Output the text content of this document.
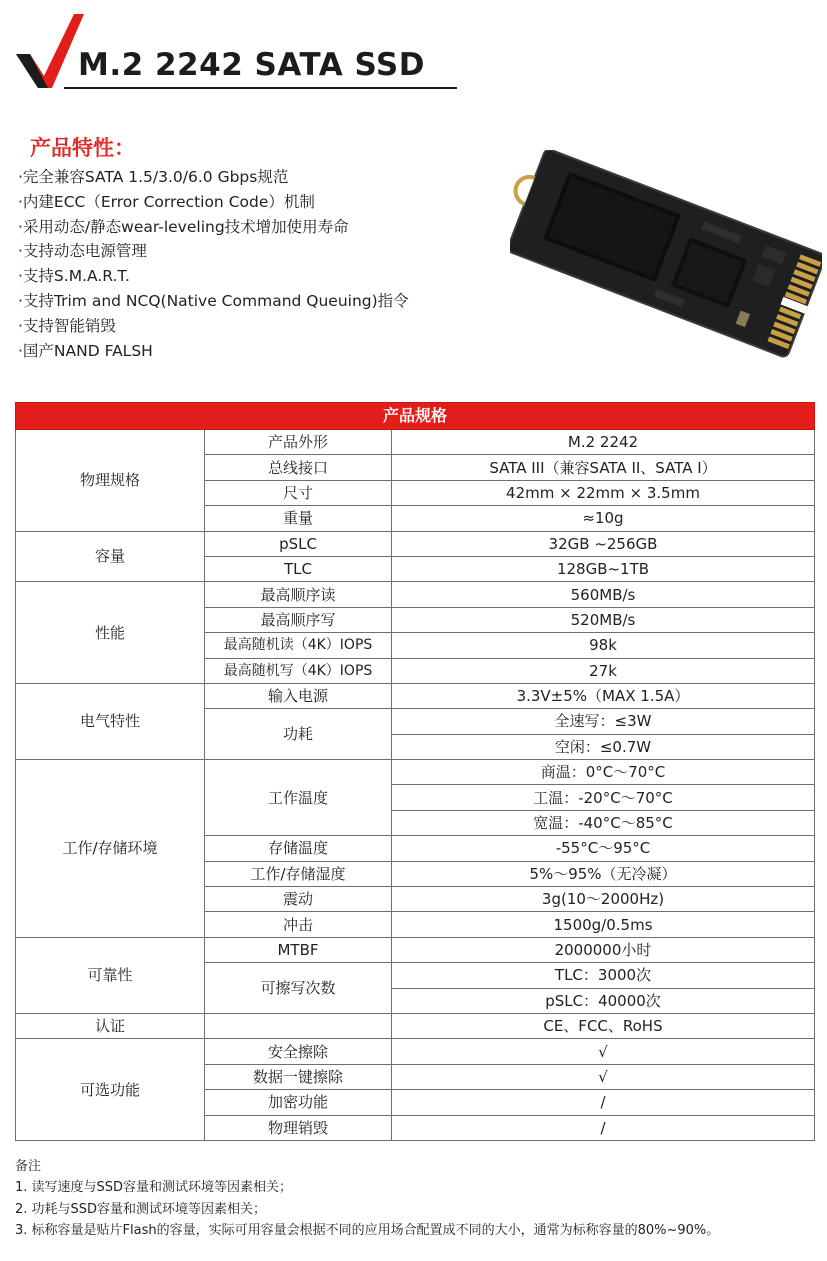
M.2 2242 SATA SSD
产品特性：
·完全兼容SATA 1.5/3.0/6.0 Gbps规范
·内建ECC（Error Correction Code）机制
·采用动态/静态wear-leveling技术增加使用寿命
·支持动态电源管理
·支持S.M.A.R.T.
·支持Trim and NCQ(Native Command Queuing)指令
·支持智能销毁
·国产NAND FALSH
产品规格		
物理规格	产品外形	M.2 2242
	总线接口	SATA III（兼容SATA II、SATA I）
	尺寸	42mm × 22mm × 3.5mm
	重量	≈10g
容量	pSLC	32GB ~256GB
	TLC	128GB~1TB
性能	最高顺序读	560MB/s
	最高顺序写	520MB/s
	最高随机读（4K）IOPS	98k
	最高随机写（4K）IOPS	27k
电气特性	输入电源	3.3V±5%（MAX 1.5A）
	功耗	全速写：≤3W
		空闲：≤0.7W
工作/存储环境	工作温度	商温：0°C～70°C
		工温：-20°C～70°C
		宽温：-40°C～85°C
	存储温度	-55°C～95°C
	工作/存储湿度	5%～95%（无冷凝）
	震动	3g(10～2000Hz)
	冲击	1500g/0.5ms
可靠性	MTBF	2000000小时
	可擦写次数	TLC：3000次
		pSLC：40000次
认证		CE、FCC、RoHS
可选功能	安全擦除	√
	数据一键擦除	√
	加密功能	/
	物理销毁	/
备注
1. 读写速度与SSD容量和测试环境等因素相关；
2. 功耗与SSD容量和测试环境等因素相关；
3. 标称容量是贴片Flash的容量，实际可用容量会根据不同的应用场合配置成不同的大小，通常为标称容量的80%~90%。
